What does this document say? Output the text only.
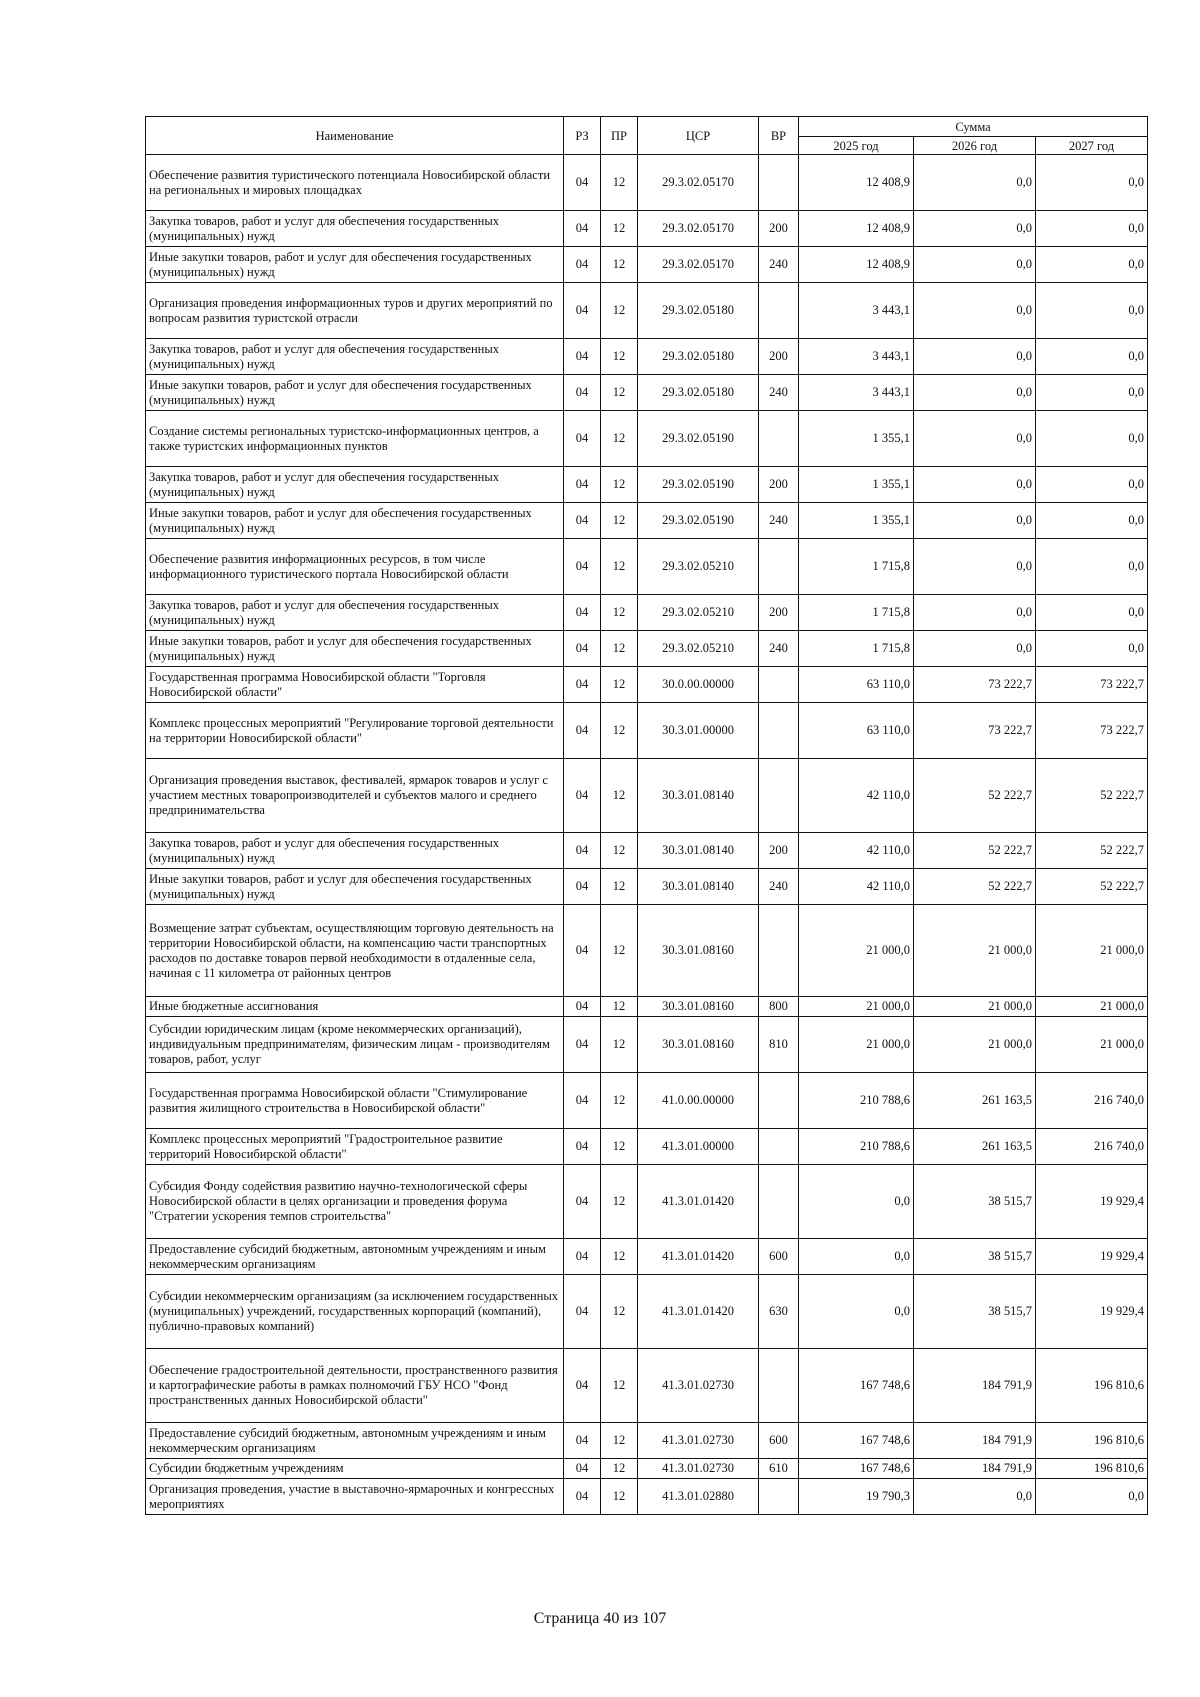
Наименование	РЗ	ПР	ЦСР	ВР	Сумма		
					2025 год	2026 год	2027 год
Обеспечение развития туристического потенциала Новосибирской области на региональных и мировых площадках	04	12	29.3.02.05170		12 408,9	0,0	0,0
Закупка товаров, работ и услуг для обеспечения государственных (муниципальных) нужд	04	12	29.3.02.05170	200	12 408,9	0,0	0,0
Иные закупки товаров, работ и услуг для обеспечения государственных (муниципальных) нужд	04	12	29.3.02.05170	240	12 408,9	0,0	0,0
Организация проведения информационных туров и других мероприятий по вопросам развития туристской отрасли	04	12	29.3.02.05180		3 443,1	0,0	0,0
Закупка товаров, работ и услуг для обеспечения государственных (муниципальных) нужд	04	12	29.3.02.05180	200	3 443,1	0,0	0,0
Иные закупки товаров, работ и услуг для обеспечения государственных (муниципальных) нужд	04	12	29.3.02.05180	240	3 443,1	0,0	0,0
Создание системы региональных туристско-информационных центров, а также туристских информационных пунктов	04	12	29.3.02.05190		1 355,1	0,0	0,0
Закупка товаров, работ и услуг для обеспечения государственных (муниципальных) нужд	04	12	29.3.02.05190	200	1 355,1	0,0	0,0
Иные закупки товаров, работ и услуг для обеспечения государственных (муниципальных) нужд	04	12	29.3.02.05190	240	1 355,1	0,0	0,0
Обеспечение развития информационных ресурсов, в том числе информационного туристического портала Новосибирской области	04	12	29.3.02.05210		1 715,8	0,0	0,0
Закупка товаров, работ и услуг для обеспечения государственных (муниципальных) нужд	04	12	29.3.02.05210	200	1 715,8	0,0	0,0
Иные закупки товаров, работ и услуг для обеспечения государственных (муниципальных) нужд	04	12	29.3.02.05210	240	1 715,8	0,0	0,0
Государственная программа Новосибирской области "Торговля Новосибирской области"	04	12	30.0.00.00000		63 110,0	73 222,7	73 222,7
Комплекс процессных мероприятий "Регулирование торговой деятельности на территории Новосибирской области"	04	12	30.3.01.00000		63 110,0	73 222,7	73 222,7
Организация проведения выставок, фестивалей, ярмарок товаров и услуг с участием местных товаропроизводителей и субъектов малого и среднего предпринимательства	04	12	30.3.01.08140		42 110,0	52 222,7	52 222,7
Закупка товаров, работ и услуг для обеспечения государственных (муниципальных) нужд	04	12	30.3.01.08140	200	42 110,0	52 222,7	52 222,7
Иные закупки товаров, работ и услуг для обеспечения государственных (муниципальных) нужд	04	12	30.3.01.08140	240	42 110,0	52 222,7	52 222,7
Возмещение затрат субъектам, осуществляющим торговую деятельность на территории Новосибирской области, на компенсацию части транспортных расходов по доставке товаров первой необходимости в отдаленные села, начиная с 11 километра от районных центров	04	12	30.3.01.08160		21 000,0	21 000,0	21 000,0
Иные бюджетные ассигнования	04	12	30.3.01.08160	800	21 000,0	21 000,0	21 000,0
Субсидии юридическим лицам (кроме некоммерческих организаций), индивидуальным предпринимателям, физическим лицам - производителям товаров, работ, услуг	04	12	30.3.01.08160	810	21 000,0	21 000,0	21 000,0
Государственная программа Новосибирской области "Стимулирование развития жилищного строительства в Новосибирской области"	04	12	41.0.00.00000		210 788,6	261 163,5	216 740,0
Комплекс процессных мероприятий "Градостроительное развитие территорий Новосибирской области"	04	12	41.3.01.00000		210 788,6	261 163,5	216 740,0
Субсидия Фонду содействия развитию научно-технологической сферы Новосибирской области в целях организации и проведения форума "Стратегии ускорения темпов строительства"	04	12	41.3.01.01420		0,0	38 515,7	19 929,4
Предоставление субсидий бюджетным, автономным учреждениям и иным некоммерческим организациям	04	12	41.3.01.01420	600	0,0	38 515,7	19 929,4
Субсидии некоммерческим организациям (за исключением государственных (муниципальных) учреждений, государственных корпораций (компаний), публично-правовых компаний)	04	12	41.3.01.01420	630	0,0	38 515,7	19 929,4
Обеспечение градостроительной деятельности, пространственного развития и картографические работы в рамках полномочий ГБУ НСО "Фонд пространственных данных Новосибирской области"	04	12	41.3.01.02730		167 748,6	184 791,9	196 810,6
Предоставление субсидий бюджетным, автономным учреждениям и иным некоммерческим организациям	04	12	41.3.01.02730	600	167 748,6	184 791,9	196 810,6
Субсидии бюджетным учреждениям	04	12	41.3.01.02730	610	167 748,6	184 791,9	196 810,6
Организация проведения, участие в выставочно-ярмарочных и конгрессных мероприятиях	04	12	41.3.01.02880		19 790,3	0,0	0,0
Страница 40 из 107
